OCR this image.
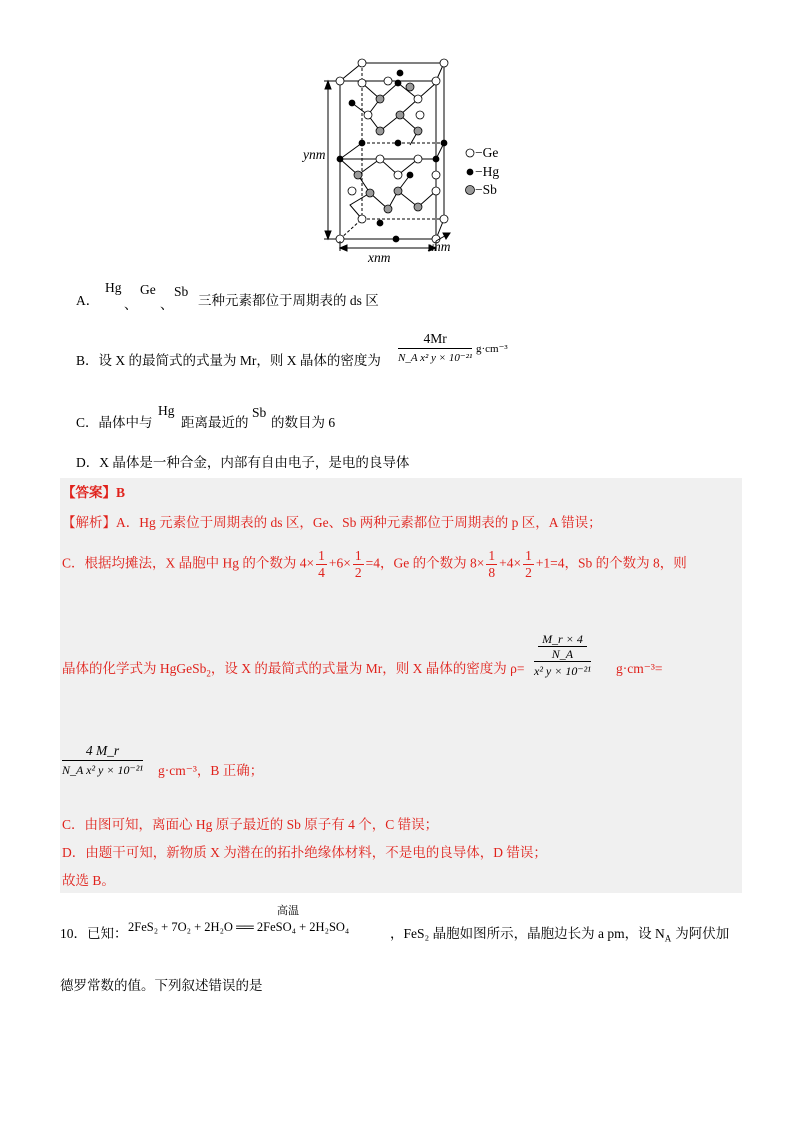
ynm
xnm
xnm
−Ge
−Hg
−Sb
A．
Hg
、
Ge
、
Sb
三种元素都位于周期表的 ds 区
B．设 X 的最简式的式量为 Mr，则 X 晶体的密度为
4Mr
N_A x² y × 10⁻²¹
g·cm⁻³
C．晶体中与
Hg
距离最近的
Sb
的数目为 6
D．X 晶体是一种合金，内部有自由电子，是电的良导体
【答案】B
【解析】A．Hg 元素位于周期表的 ds 区，Ge、Sb 两种元素都位于周期表的 p 区，A 错误；
C．根据均摊法，X 晶胞中 Hg 的个数为 $4\times \frac{1}{4} +6\times \frac{1}{2} =4$，Ge 的个数为 $8\times \frac{1}{8} +4\times \frac{1}{2} +1=4$，Sb 的个数为 8，则
晶体的化学式为 HgGeSb$_2$，设 X 的最简式的式量为 Mr，则 X 晶体的密度为 ρ=
M_r × 4
N_A
x² y × 10⁻²¹ g·cm⁻³=
$\frac{4 M\_r}{\text{N\_A x² y × 10⁻²¹}} g\cdot cm^{-3}$，B 正确；
C．由图可知，离面心 Hg 原子最近的 Sb 原子有 4 个，C 错误；
D．由题干可知，新物质 X 为潜在的拓扑绝缘体材料，不是电的良导体，D 错误；
故选 B。
10．已知：
高温
2FeS₂ + 7O₂ + 2H₂O ══ 2FeSO₄ + 2H₂SO₄	，FeS₂ 晶胞如图所示，晶胞边长为 a pm，设 $N_A$ 为阿伏加
德罗常数的值。下列叙述错误的是
